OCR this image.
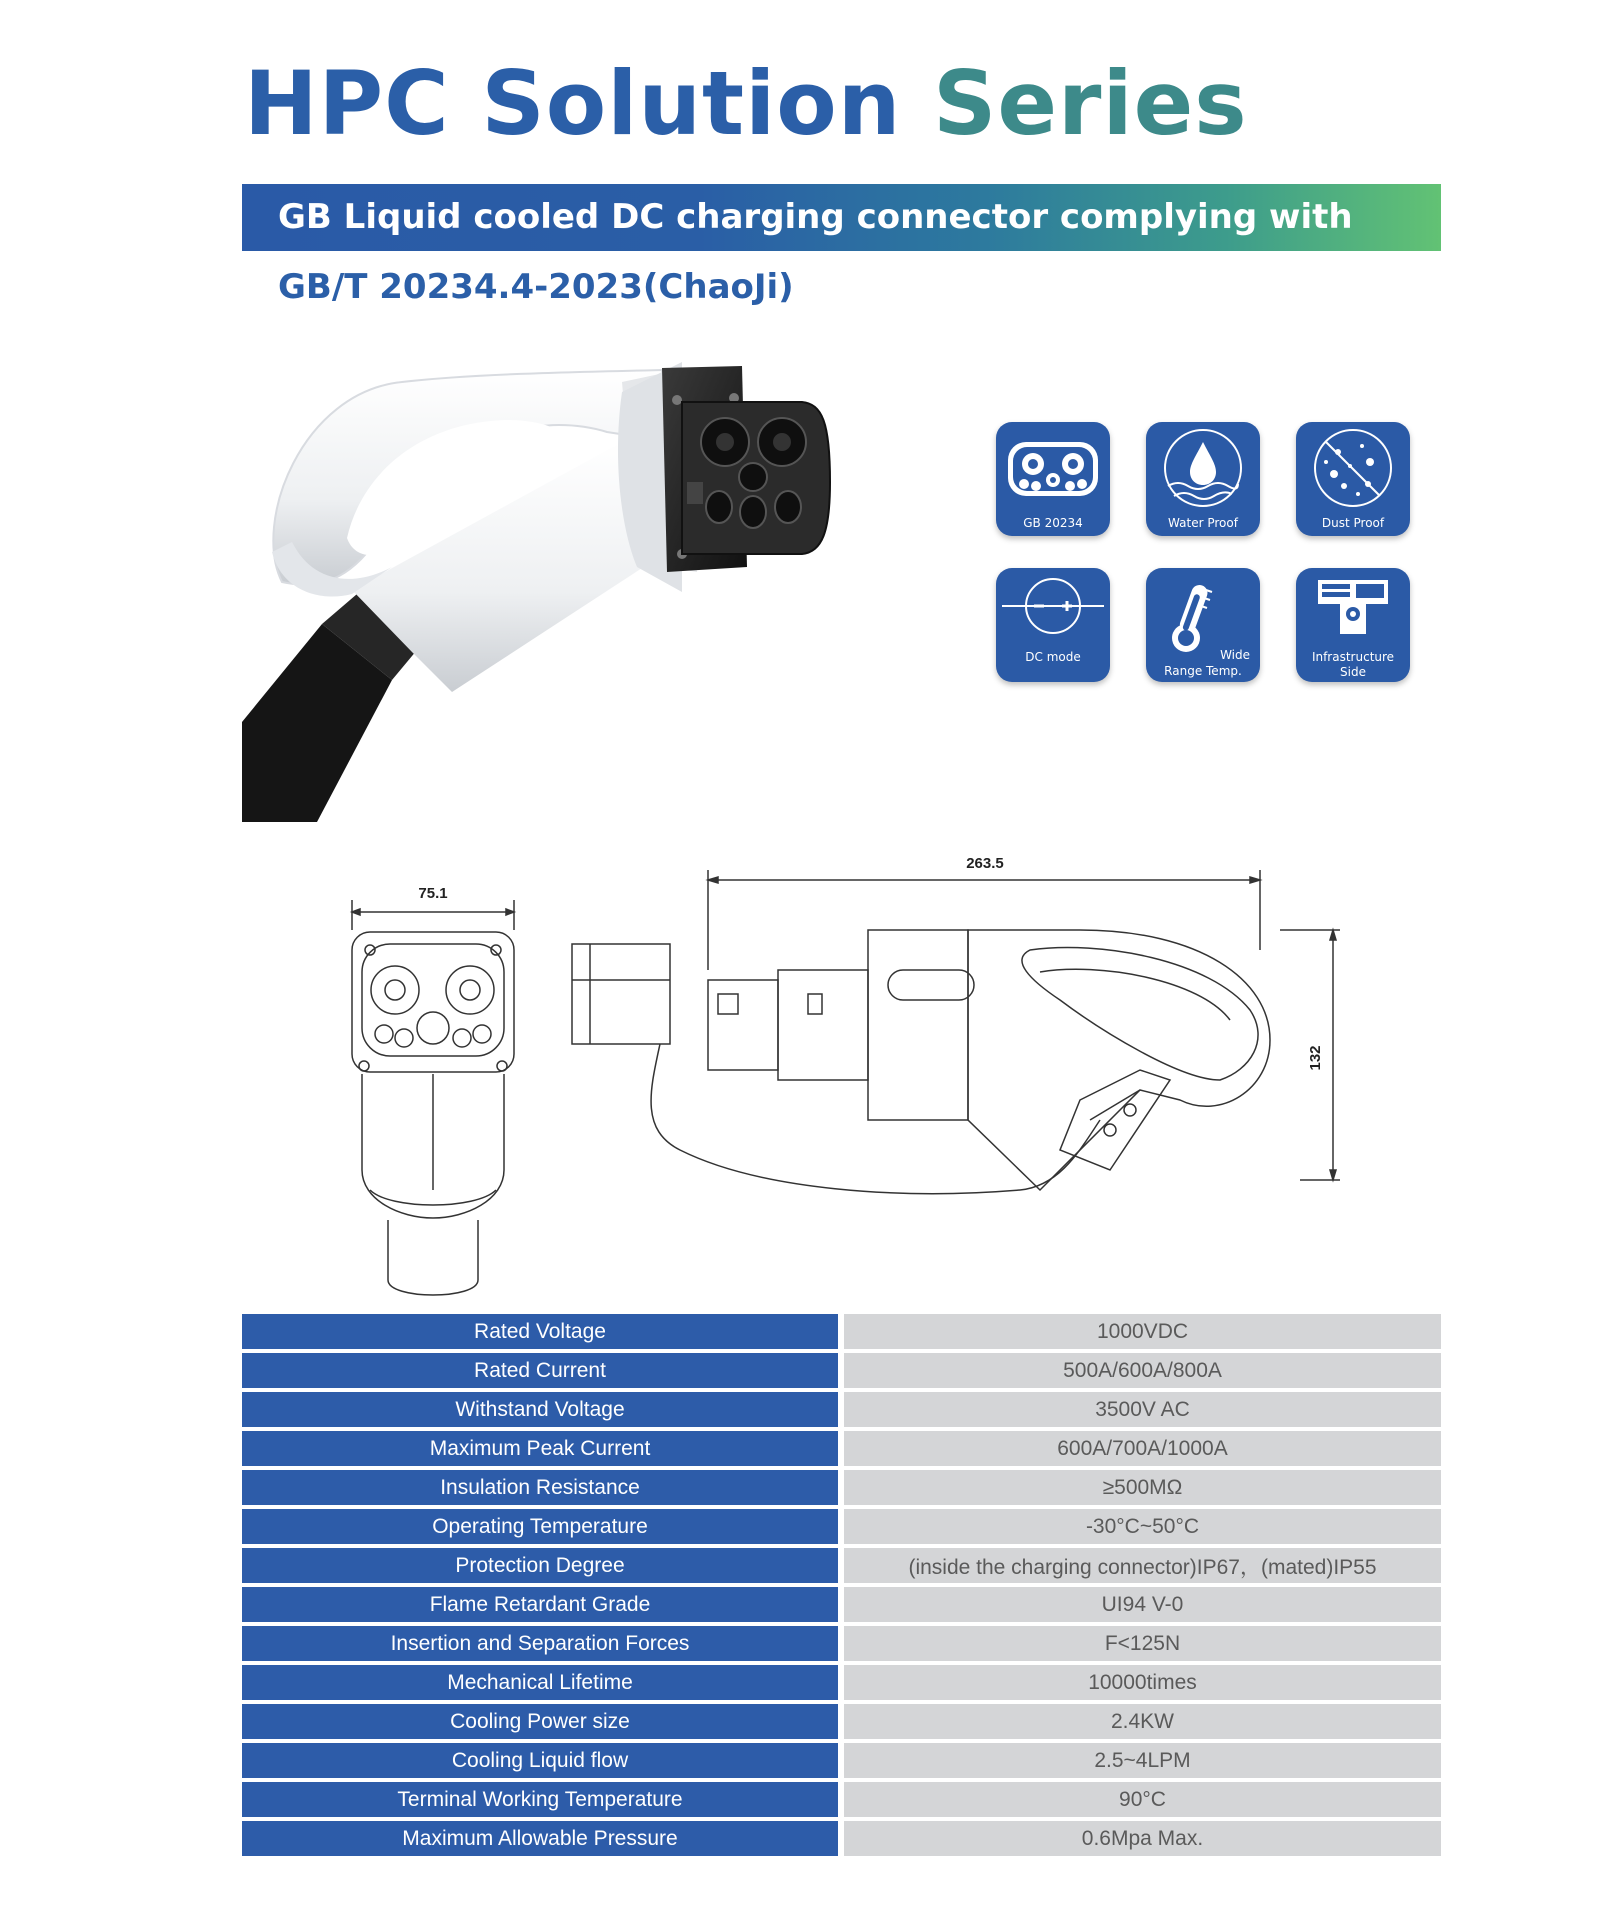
HPC Solution Series
GB Liquid cooled DC charging connector complying with
GB/T 20234.4-2023(ChaoJi)
GB 20234	Water Proof	Dust Proof
DC mode	Wide
Range Temp.
Infrastructure
Side
75.1
263.5
132
Rated Voltage	1000VDC
Rated Current	500A/600A/800A
Withstand Voltage	3500V AC
Maximum Peak Current	600A/700A/1000A
Insulation Resistance	≥500MΩ
Operating Temperature	-30°C~50°C
Protection Degree	(inside the charging connector)IP67，(mated)IP55
Flame Retardant Grade	UI94 V-0
Insertion and Separation Forces	F<125N
Mechanical Lifetime	10000times
Cooling Power size	2.4KW
Cooling Liquid flow	2.5~4LPM
Terminal Working Temperature	90°C
Maximum Allowable Pressure	0.6Mpa Max.
